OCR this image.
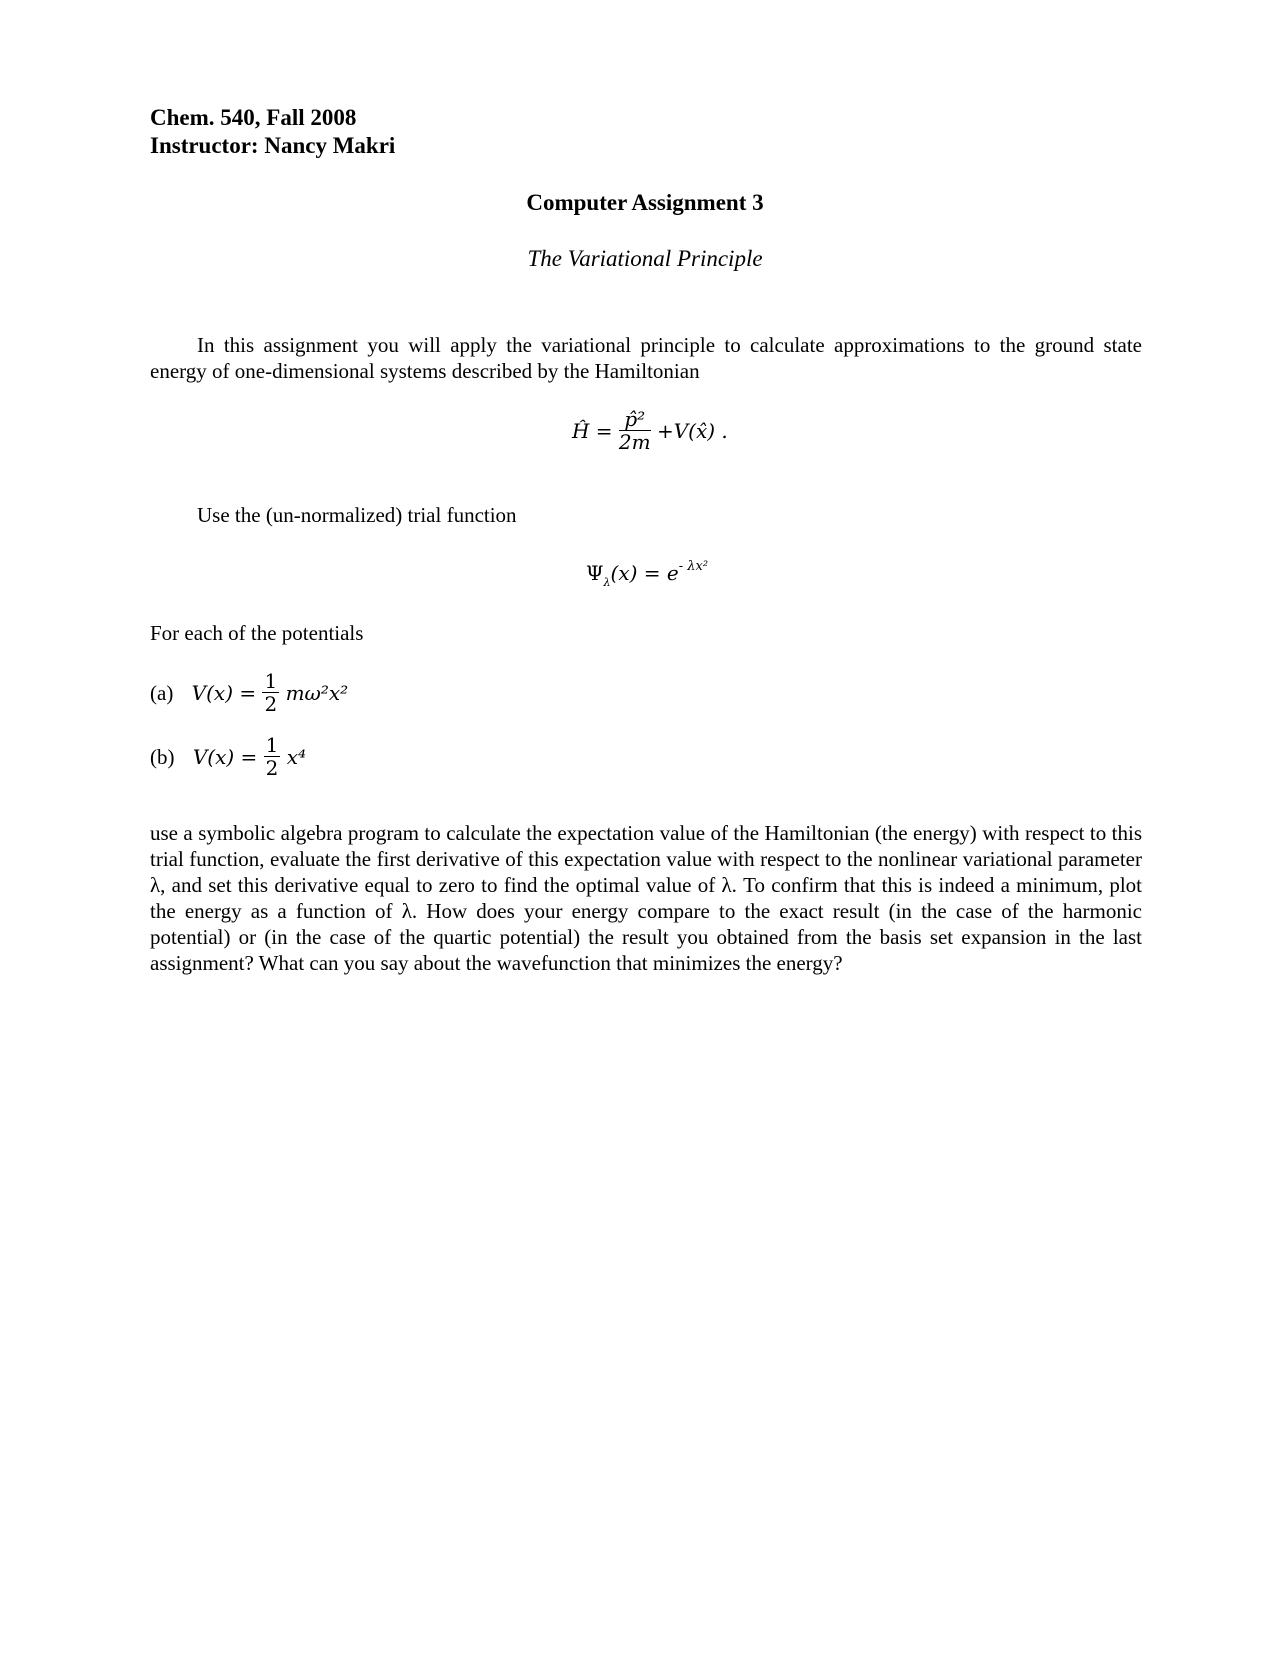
Chem. 540, Fall 2008
Instructor: Nancy Makri
Computer Assignment 3
The Variational Principle
In this assignment you will apply the variational principle to calculate approximations to the ground state energy of one-dimensional systems described by the Hamiltonian
Ĥ = $\frac{\text{p̂²}}{2m}$ +V(x̂) .
Use the (un-normalized) trial function
$\Psi_\lambda(x) = e^{- \lambda x^2}$
For each of the potentials
(a) $V(x) = \frac{1}{2} m\omega^2x^2$
(b) $V(x) = \frac{1}{2} x^4$
use a symbolic algebra program to calculate the expectation value of the Hamiltonian (the energy) with respect to this trial function, evaluate the first derivative of this expectation value with respect to the nonlinear variational parameter λ, and set this derivative equal to zero to find the optimal value of λ. To confirm that this is indeed a minimum, plot the energy as a function of λ. How does your energy compare to the exact result (in the case of the harmonic potential) or (in the case of the quartic potential) the result you obtained from the basis set expansion in the last assignment? What can you say about the wavefunction that minimizes the energy?
